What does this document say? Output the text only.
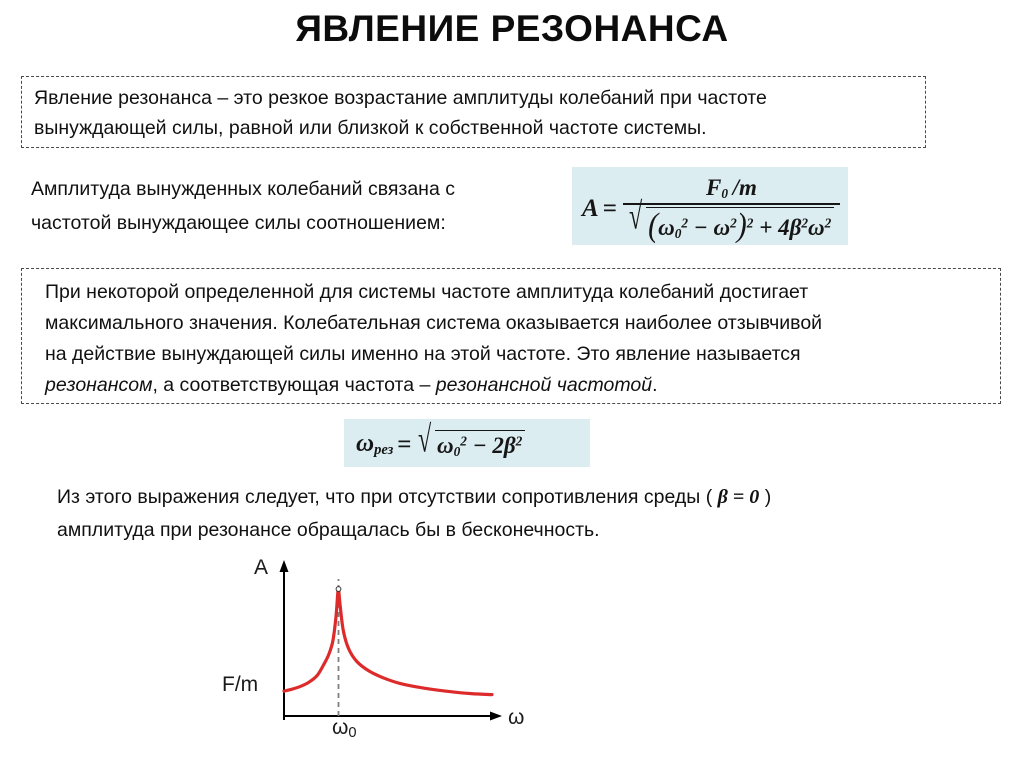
ЯВЛЕНИЕ РЕЗОНАНСА
Явление резонанса – это резкое возрастание амплитуды колебаний при частоте
вынуждающей силы, равной или близкой к собственной частоте системы.
Амплитуда вынужденных колебаний связана с
частотой вынуждающее силы соотношением:
$A = \frac{F_0 /m}{√ (\omega_0^2 - \omega^2)^2 + 4\beta^2\omega^2}$
При некоторой определенной для системы частоте амплитуда колебаний достигает
максимального значения. Колебательная система оказывается наиболее отзывчивой
на действие вынуждающей силы именно на этой частоте. Это явление называется
резонансом, а соответствующая частота – резонансной частотой.
$\omega_{рез}$ = √ $\omega_0^2 - 2\beta^2$
Из этого выражения следует, что при отсутствии сопротивления среды ( β = 0 )
амплитуда при резонансе обращалась бы в бесконечность.
A
ω
$\omega_0$
F/m
